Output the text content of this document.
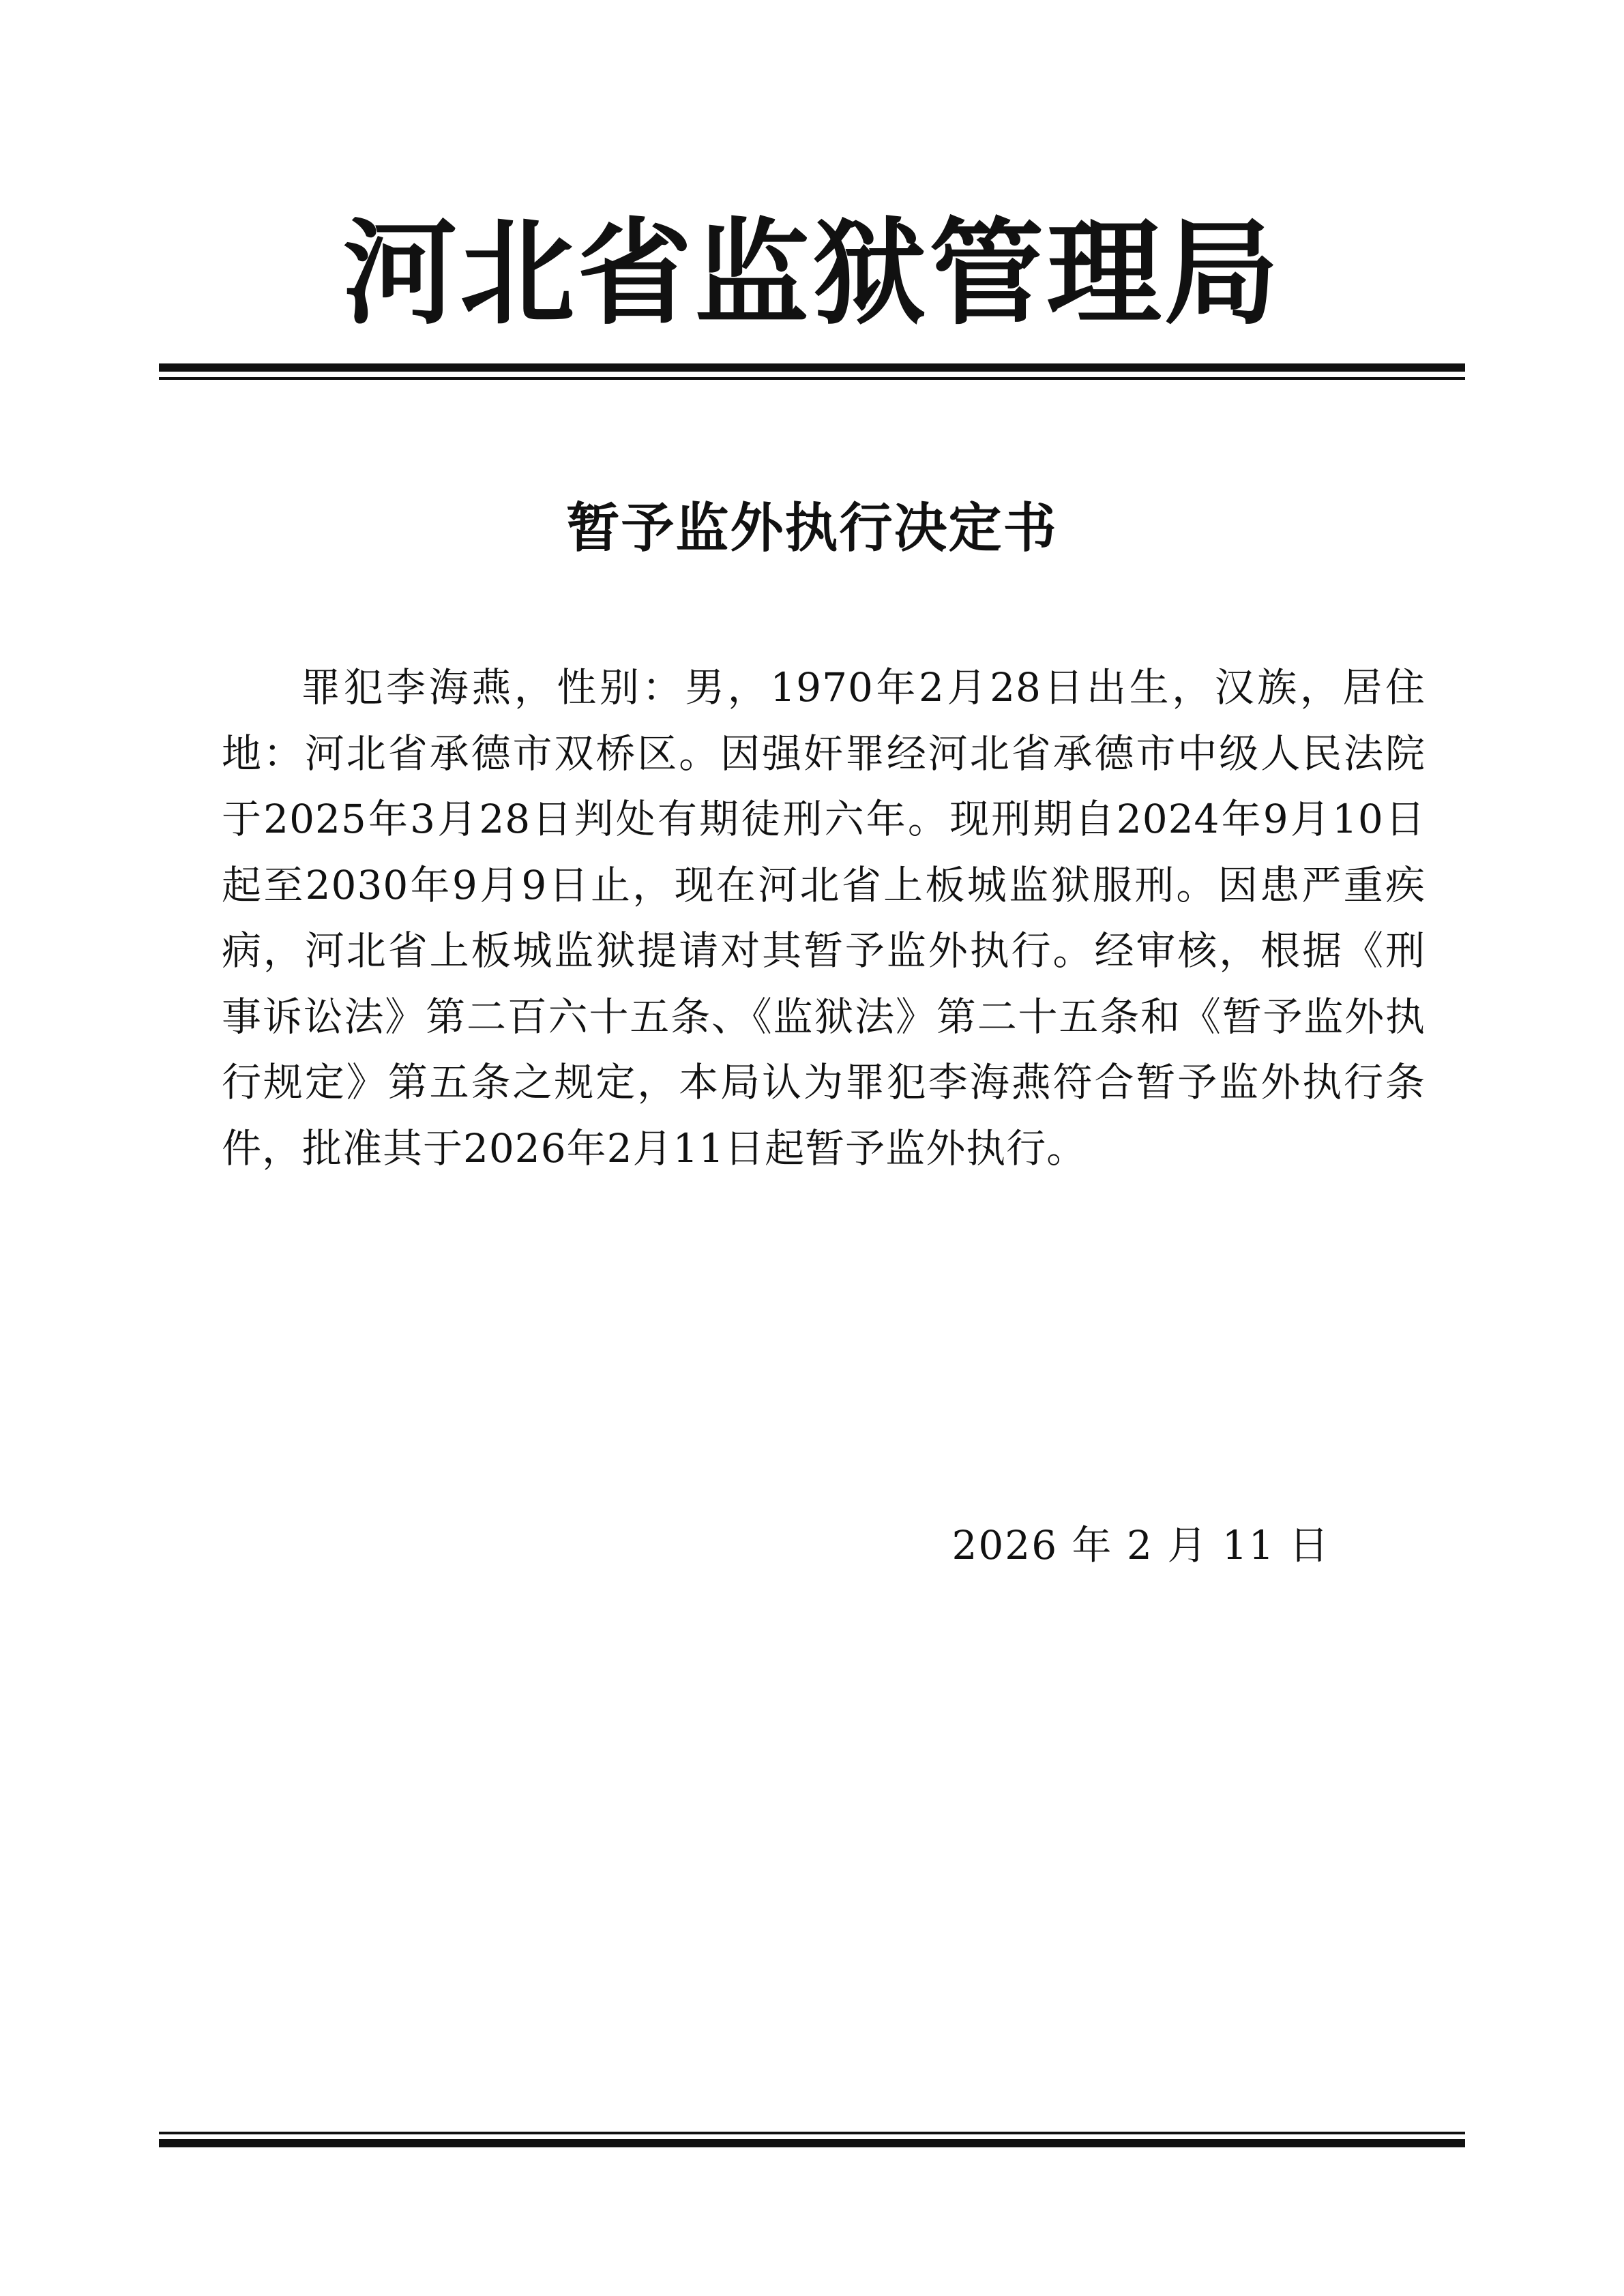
河北省监狱管理局
暂予监外执行决定书

罪犯李海燕，性别：男，1970年2月28日出生，汉族，居住地：河北省承德市双桥区。因强奸罪经河北省承德市中级人民法院于2025年3月28日判处有期徒刑六年。现刑期自2024年9月10日起至2030年9月9日止，现在河北省上板城监狱服刑。因患严重疾病，河北省上板城监狱提请对其暂予监外执行。经审核，根据《刑事诉讼法》第二百六十五条、《监狱法》第二十五条和《暂予监外执行规定》第五条之规定，本局认为罪犯李海燕符合暂予监外执行条件，批准其于2026年2月11日起暂予监外执行。

2026 年 2 月 11 日
